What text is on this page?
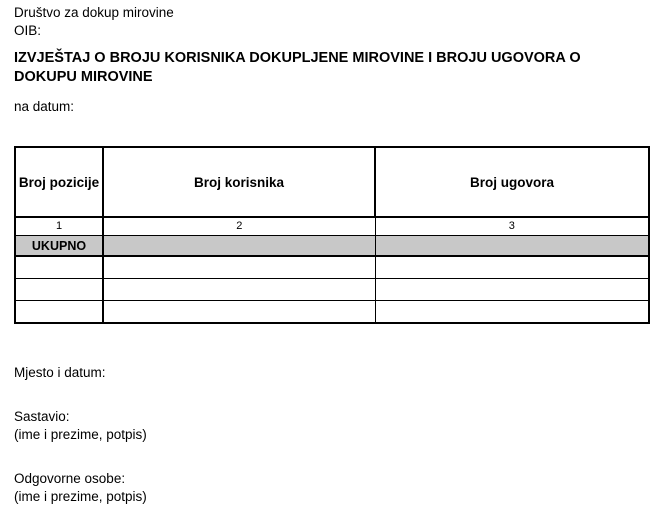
Društvo za dokup mirovine
OIB:
IZVJEŠTAJ O BROJU KORISNIKA DOKUPLJENE MIROVINE I BROJU UGOVORA O DOKUPU MIROVINE
na datum:
Broj pozicije	Broj korisnika	Broj ugovora
1	2	3
UKUPNO	

Mjesto i datum:
Sastavio:
(ime i prezime, potpis)
Odgovorne osobe:
(ime i prezime, potpis)
